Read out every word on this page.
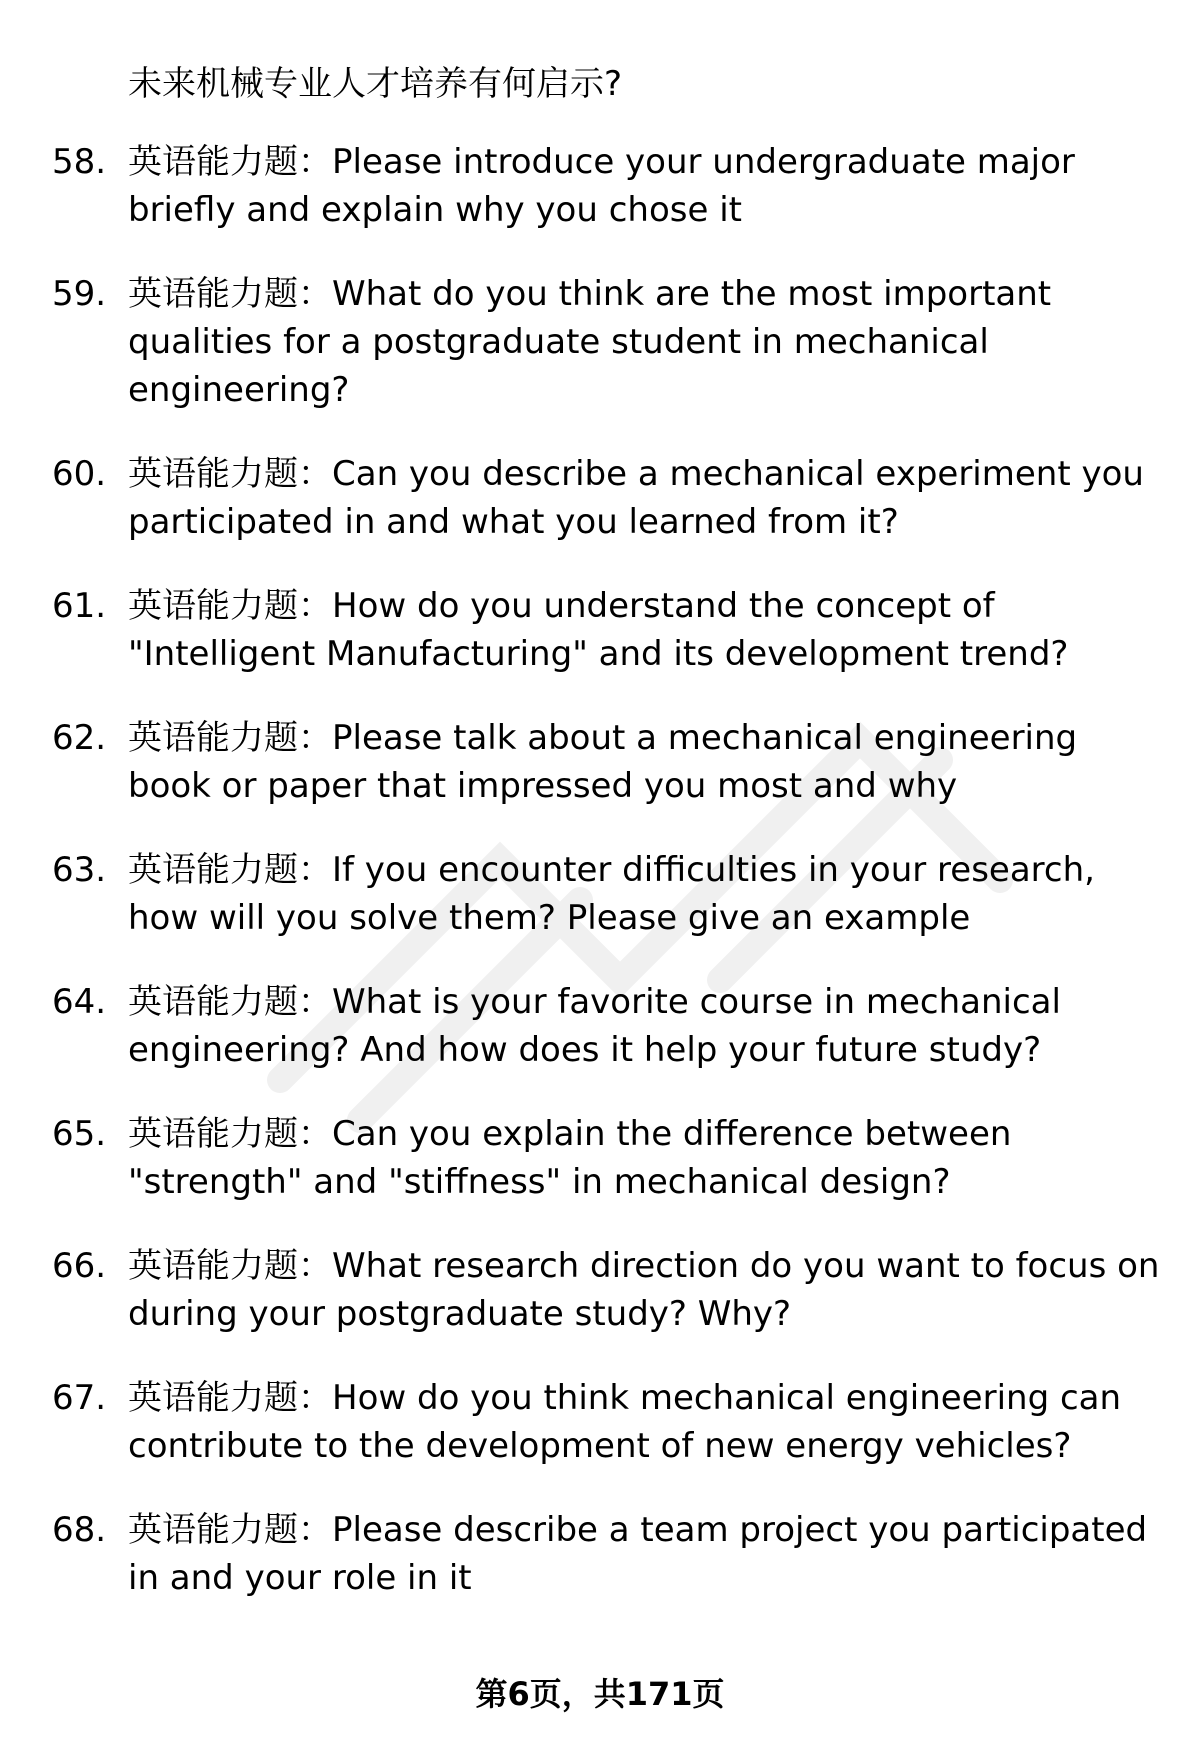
未来机械专业人才培养有何启示?

58. 英语能力题：Please introduce your undergraduate major briefly and explain why you chose it

59. 英语能力题：What do you think are the most important qualities for a postgraduate student in mechanical engineering?

60. 英语能力题：Can you describe a mechanical experiment you participated in and what you learned from it?

61. 英语能力题：How do you understand the concept of "Intelligent Manufacturing" and its development trend?

62. 英语能力题：Please talk about a mechanical engineering book or paper that impressed you most and why

63. 英语能力题：If you encounter difficulties in your research, how will you solve them? Please give an example

64. 英语能力题：What is your favorite course in mechanical engineering? And how does it help your future study?

65. 英语能力题：Can you explain the difference between "strength" and "stiffness" in mechanical design?

66. 英语能力题：What research direction do you want to focus on during your postgraduate study? Why?

67. 英语能力题：How do you think mechanical engineering can contribute to the development of new energy vehicles?

68. 英语能力题：Please describe a team project you participated in and your role in it

第6页，共171页
